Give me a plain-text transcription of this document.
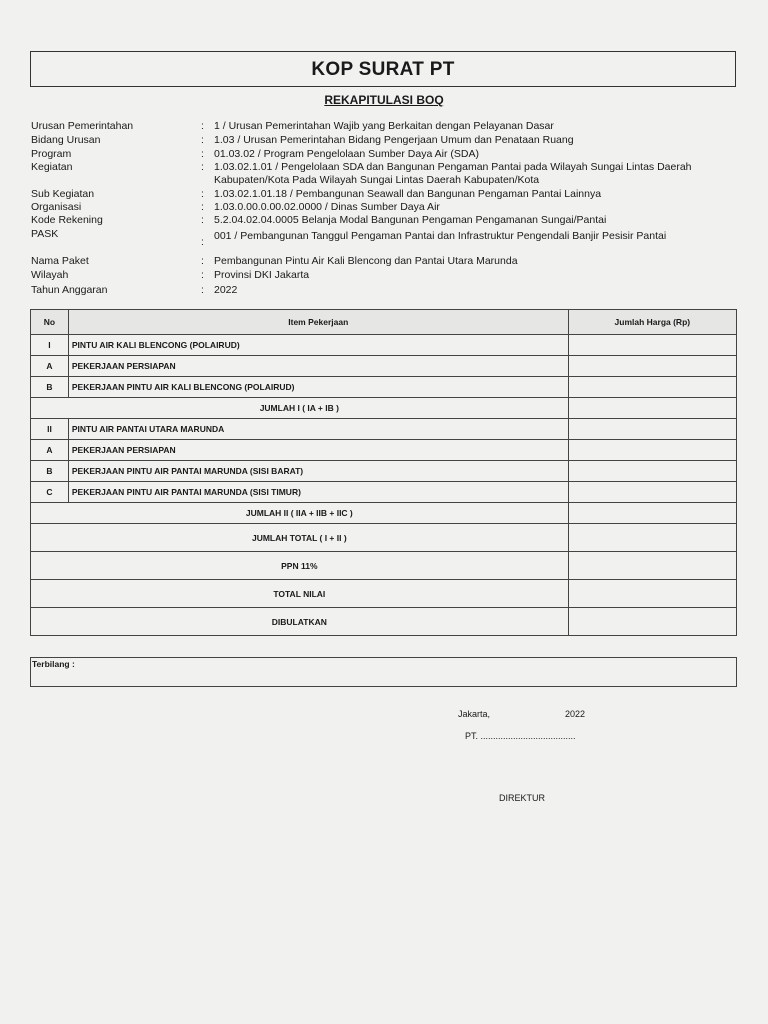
KOP SURAT PT
REKAPITULASI BOQ
Urusan Pemerintahan	: 1 / Urusan Pemerintahan Wajib yang Berkaitan dengan Pelayanan Dasar
Bidang Urusan	: 1.03 / Urusan Pemerintahan Bidang Pengerjaan Umum dan Penataan Ruang
Program	: 01.03.02 / Program Pengelolaan Sumber Daya Air (SDA)
Kegiatan	: 1.03.02.1.01 / Pengelolaan SDA dan Bangunan Pengaman Pantai pada Wilayah Sungai Lintas Daerah Kabupaten/Kota Pada Wilayah Sungai Lintas Daerah Kabupaten/Kota
Sub Kegiatan	: 1.03.02.1.01.18 / Pembangunan Seawall dan Bangunan Pengaman Pantai Lainnya
Organisasi	: 1.03.0.00.0.00.02.0000 / Dinas Sumber Daya Air
Kode Rekening	: 5.2.04.02.04.0005 Belanja Modal Bangunan Pengaman Pengamanan Sungai/Pantai
PASK
: 001 / Pembangunan Tanggul Pengaman Pantai dan Infrastruktur Pengendali Banjir Pesisir Pantai
Nama Paket	: Pembangunan Pintu Air Kali Blencong dan Pantai Utara Marunda
Wilayah	: Provinsi DKI Jakarta
Tahun Anggaran	: 2022
No	Item Pekerjaan	Jumlah Harga (Rp)
I	PINTU AIR KALI BLENCONG (POLAIRUD)	
A	PEKERJAAN PERSIAPAN	
B	PEKERJAAN PINTU AIR KALI BLENCONG (POLAIRUD)	
JUMLAH I ( IA + IB )		
II	PINTU AIR PANTAI UTARA MARUNDA	
A	PEKERJAAN PERSIAPAN	
B	PEKERJAAN PINTU AIR PANTAI MARUNDA (SISI BARAT)	
C	PEKERJAAN PINTU AIR PANTAI MARUNDA (SISI TIMUR)	
JUMLAH II ( IIA + IIB + IIC )		
JUMLAH TOTAL ( I + II )		
PPN 11%		
TOTAL NILAI		
DIBULATKAN		
Terbilang :
Jakarta,	2022
PT. ......................................
DIREKTUR
